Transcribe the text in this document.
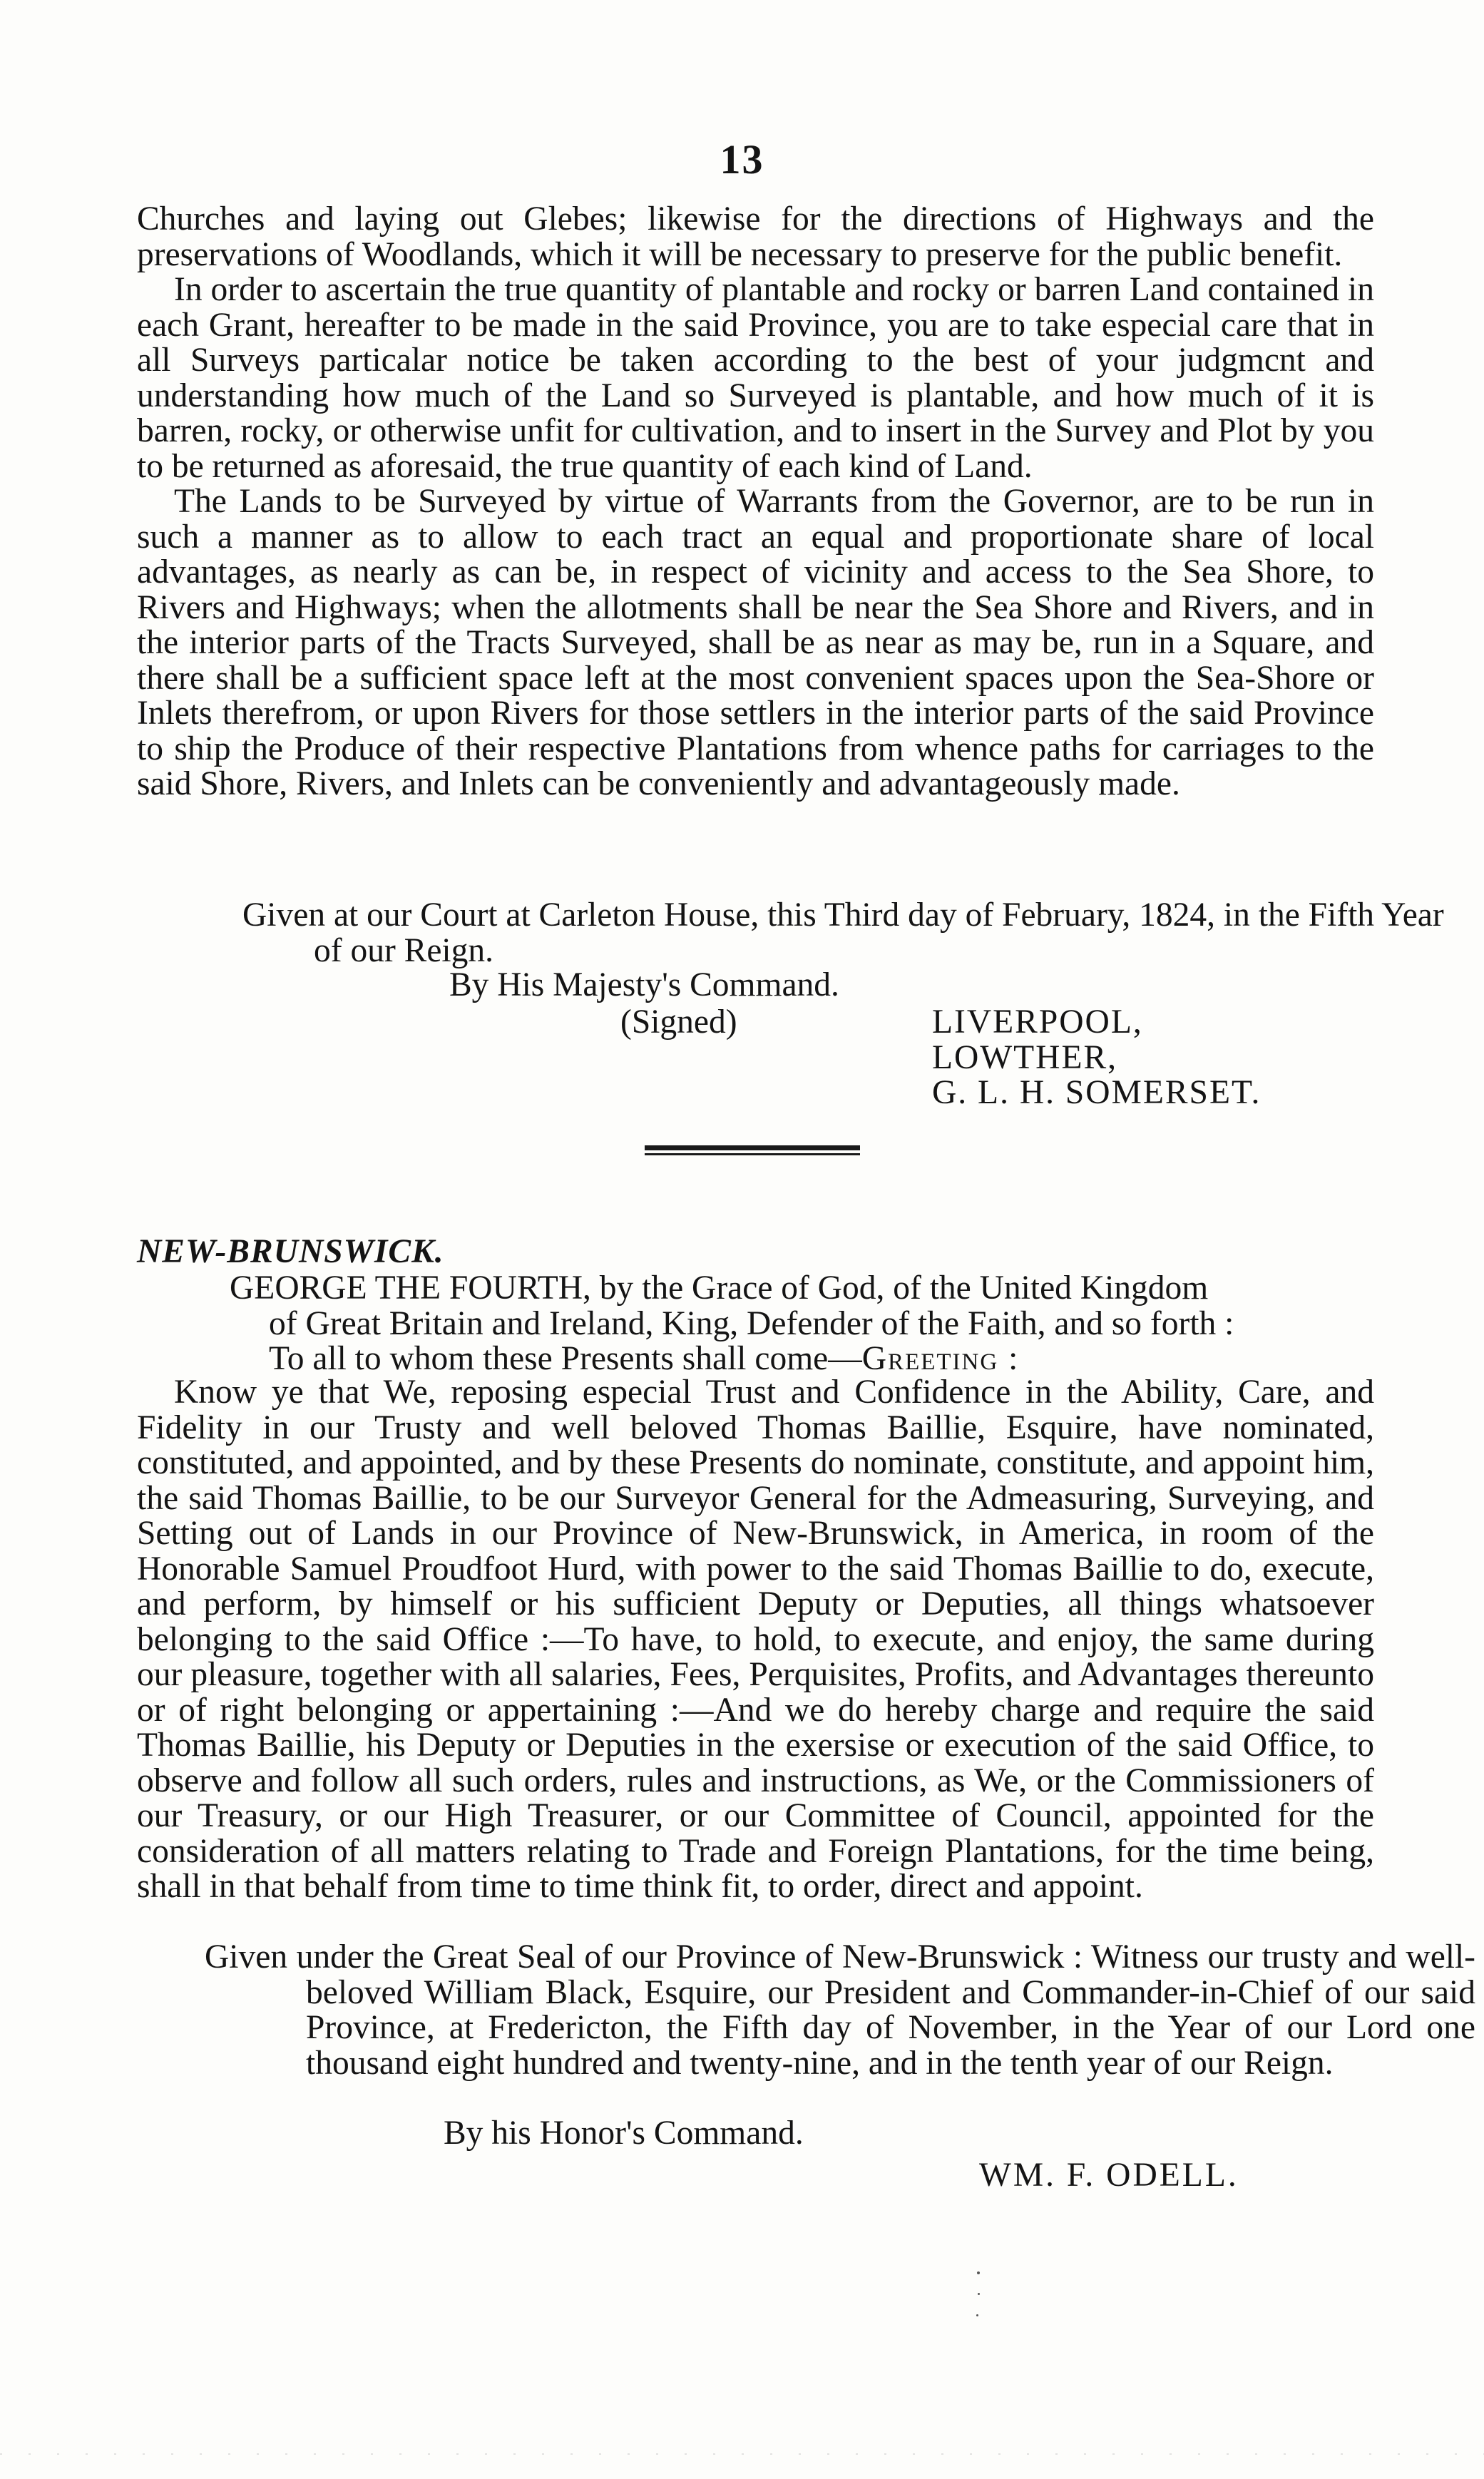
13

Churches and laying out Glebes; likewise for the directions of Highways and the preservations of Woodlands, which it will be necessary to preserve for the public benefit.

In order to ascertain the true quantity of plantable and rocky or barren Land contained in each Grant, hereafter to be made in the said Province, you are to take especial care that in all Surveys particalar notice be taken according to the best of your judgmcnt and understanding how much of the Land so Surveyed is plantable, and how much of it is barren, rocky, or otherwise unfit for cultivation, and to insert in the Survey and Plot by you to be returned as aforesaid, the true quantity of each kind of Land.

The Lands to be Surveyed by virtue of Warrants from the Governor, are to be run in such a manner as to allow to each tract an equal and proportionate share of local advantages, as nearly as can be, in respect of vicinity and access to the Sea Shore, to Rivers and Highways; when the allotments shall be near the Sea Shore and Rivers, and in the interior parts of the Tracts Surveyed, shall be as near as may be, run in a Square, and there shall be a sufficient space left at the most convenient spaces upon the Sea-Shore or Inlets therefrom, or upon Rivers for those settlers in the interior parts of the said Province to ship the Produce of their respective Plantations from whence paths for carriages to the said Shore, Rivers, and Inlets can be conveniently and advantageously made.

Given at our Court at Carleton House, this Third day of February, 1824, in the Fifth Year of our Reign.
By His Majesty's Command.
(Signed)	LIVERPOOL,
LOWTHER,
G. L. H. SOMERSET.
NEW-BRUNSWICK.

GEORGE THE FOURTH, by the Grace of God, of the United Kingdom

of Great Britain and Ireland, King, Defender of the Faith, and so forth :

To all to whom these Presents shall come—Greeting :

Know ye that We, reposing especial Trust and Confidence in the Ability, Care, and Fidelity in our Trusty and well beloved Thomas Baillie, Esquire, have nominated, constituted, and appointed, and by these Presents do nominate, constitute, and appoint him, the said Thomas Baillie, to be our Surveyor General for the Admeasuring, Surveying, and Setting out of Lands in our Province of New-Brunswick, in America, in room of the Honorable Samuel Proudfoot Hurd, with power to the said Thomas Baillie to do, execute, and perform, by himself or his sufficient Deputy or Deputies, all things whatsoever belonging to the said Office :—To have, to hold, to execute, and enjoy, the same during our pleasure, together with all salaries, Fees, Perquisites, Profits, and Advantages thereunto or of right belonging or appertaining :—And we do hereby charge and require the said Thomas Baillie, his Deputy or Deputies in the exersise or execution of the said Office, to observe and follow all such orders, rules and instructions, as We, or the Commissioners of our Treasury, or our High Treasurer, or our Committee of Council, appointed for the consideration of all matters relating to Trade and Foreign Plantations, for the time being, shall in that behalf from time to time think fit, to order, direct and appoint.

Given under the Great Seal of our Province of New-Brunswick : Witness our trusty and well-beloved William Black, Esquire, our President and Commander-in-Chief of our said Province, at Fredericton, the Fifth day of November, in the Year of our Lord one thousand eight hundred and twenty-nine, and in the tenth year of our Reign.
By his Honor's Command.
WM. F. ODELL.
